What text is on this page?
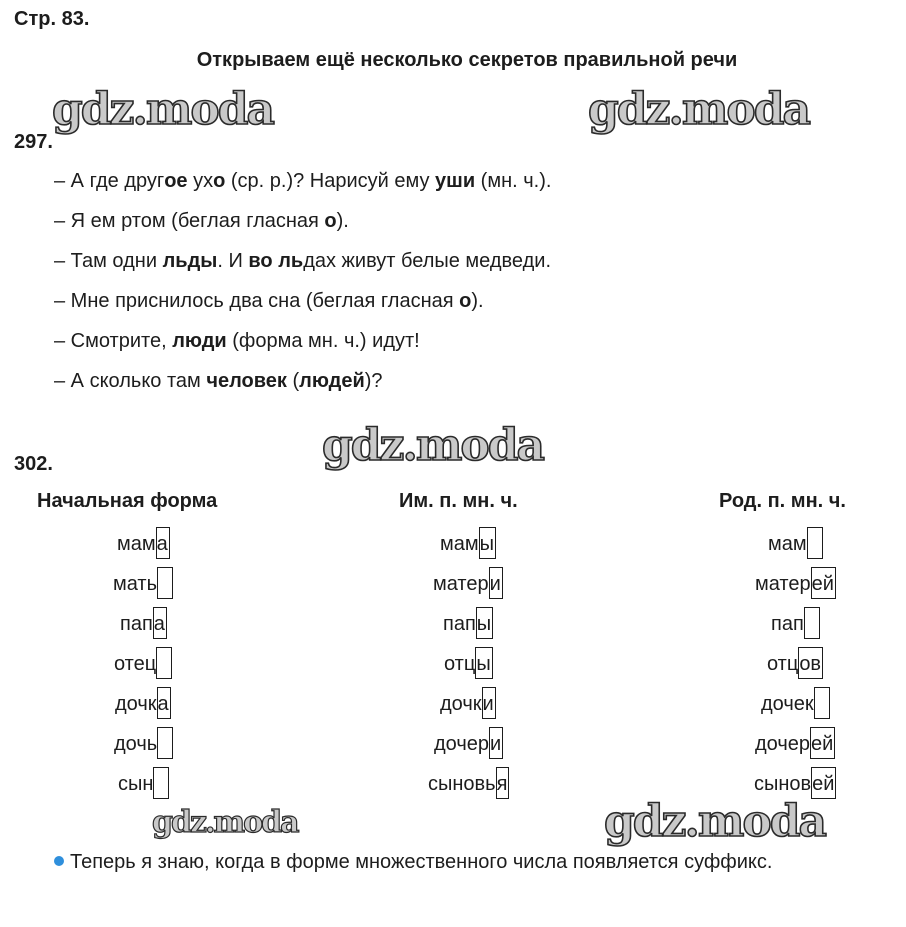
Стр. 83.
Открываем ещё несколько секретов правильной речи
gdz.moda	gdz.moda
gdz.moda
gdz.moda	gdz.moda
297.
– А где другое ухо (ср. р.)? Нарисуй ему уши (мн. ч.).
– Я ем ртом (беглая гласная о).
– Там одни льды. И во льдах живут белые медведи.
– Мне приснилось два сна (беглая гласная о).
– Смотрите, люди (форма мн. ч.) идут!
– А сколько там человек (людей)?
302.
Начальная форма	Им. п. мн. ч.	Род. п. мн. ч.
мама	мамы	мам
мать	матери	матерей
папа	папы	пап
отец	отцы	отцов
дочка	дочки	дочек
дочь	дочери	дочерей
сын	сыновья	сыновей
Теперь я знаю, когда в форме множественного числа появляется суффикс.
